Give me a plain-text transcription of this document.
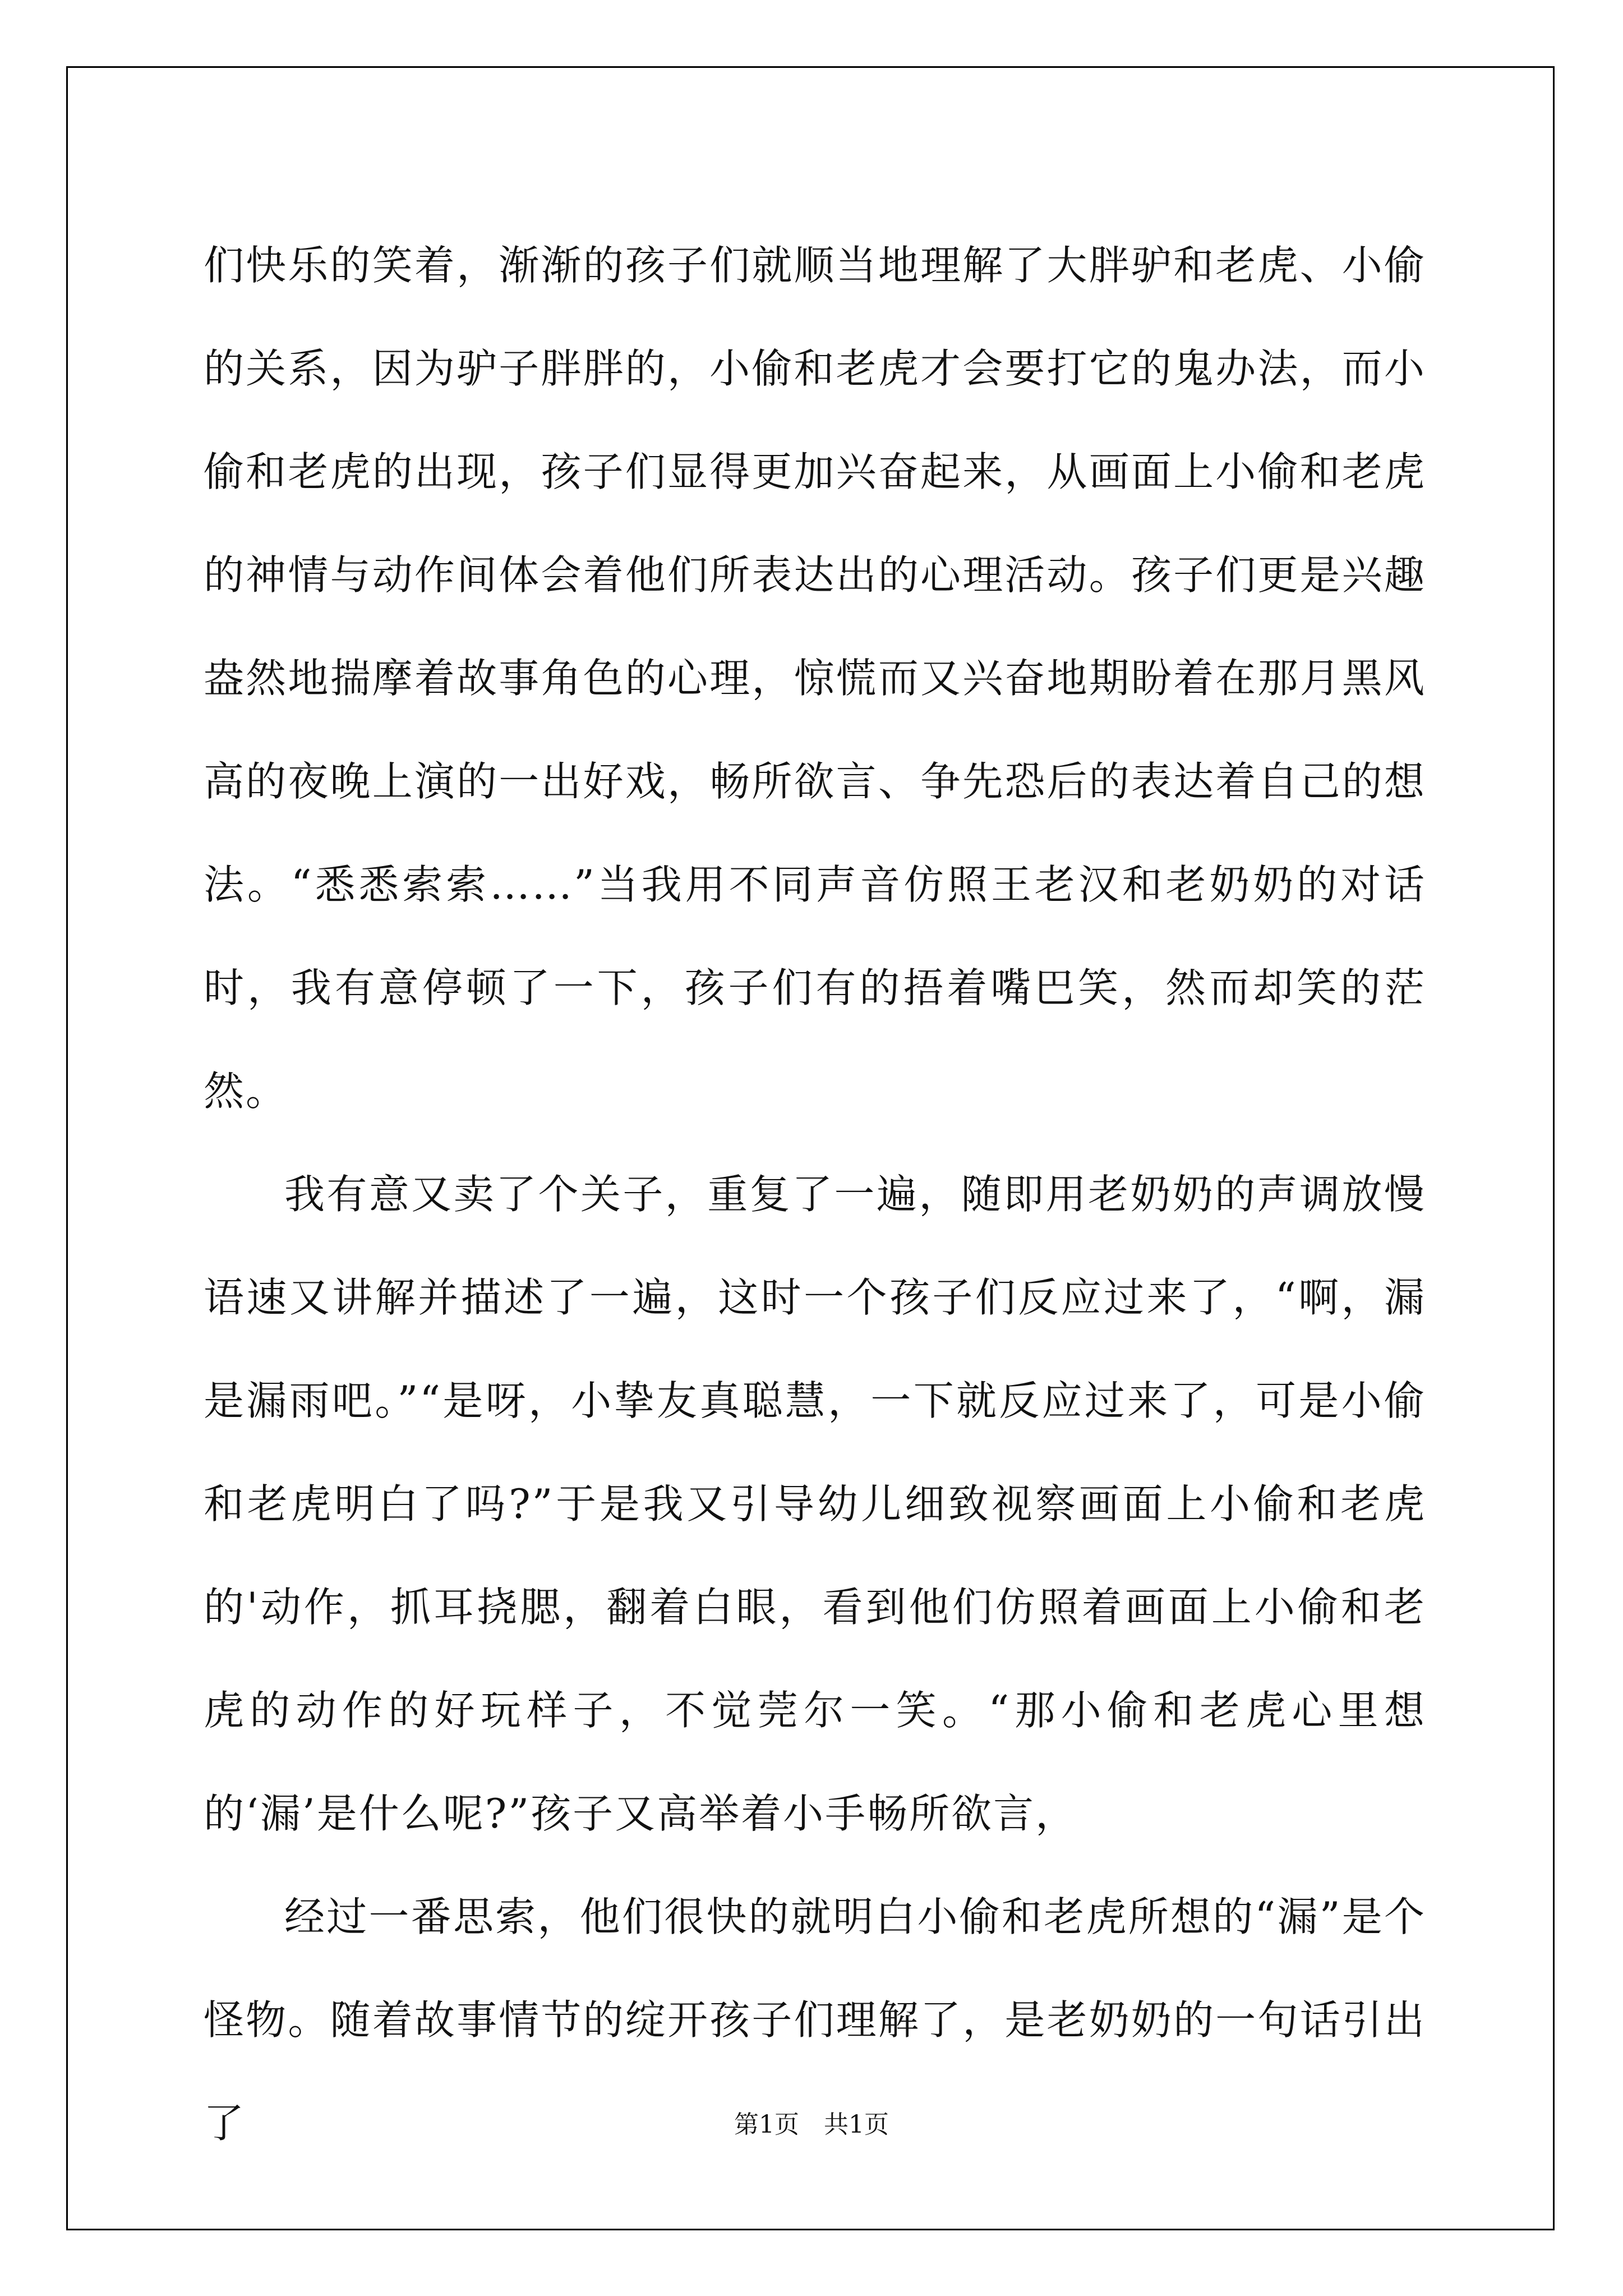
们快乐的笑着，渐渐的孩子们就顺当地理解了大胖驴和老虎、小偷的关系，因为驴子胖胖的，小偷和老虎才会要打它的鬼办法，而小偷和老虎的出现，孩子们显得更加兴奋起来，从画面上小偷和老虎的神情与动作间体会着他们所表达出的心理活动。孩子们更是兴趣盎然地揣摩着故事角色的心理，惊慌而又兴奋地期盼着在那月黑风高的夜晚上演的一出好戏，畅所欲言、争先恐后的表达着自己的想法。“悉悉索索……”当我用不同声音仿照王老汉和老奶奶的对话时，我有意停顿了一下，孩子们有的捂着嘴巴笑，然而却笑的茫然。

我有意又卖了个关子，重复了一遍，随即用老奶奶的声调放慢语速又讲解并描述了一遍，这时一个孩子们反应过来了，“啊，漏是漏雨吧。”“是呀，小挚友真聪慧，一下就反应过来了，可是小偷和老虎明白了吗?”于是我又引导幼儿细致视察画面上小偷和老虎的'动作，抓耳挠腮，翻着白眼，看到他们仿照着画面上小偷和老虎的动作的好玩样子，不觉莞尔一笑。“那小偷和老虎心里想的‘漏’是什么呢?”孩子又高举着小手畅所欲言，

经过一番思索，他们很快的就明白小偷和老虎所想的“漏”是个怪物。随着故事情节的绽开孩子们理解了，是老奶奶的一句话引出了	第1页　共1页
